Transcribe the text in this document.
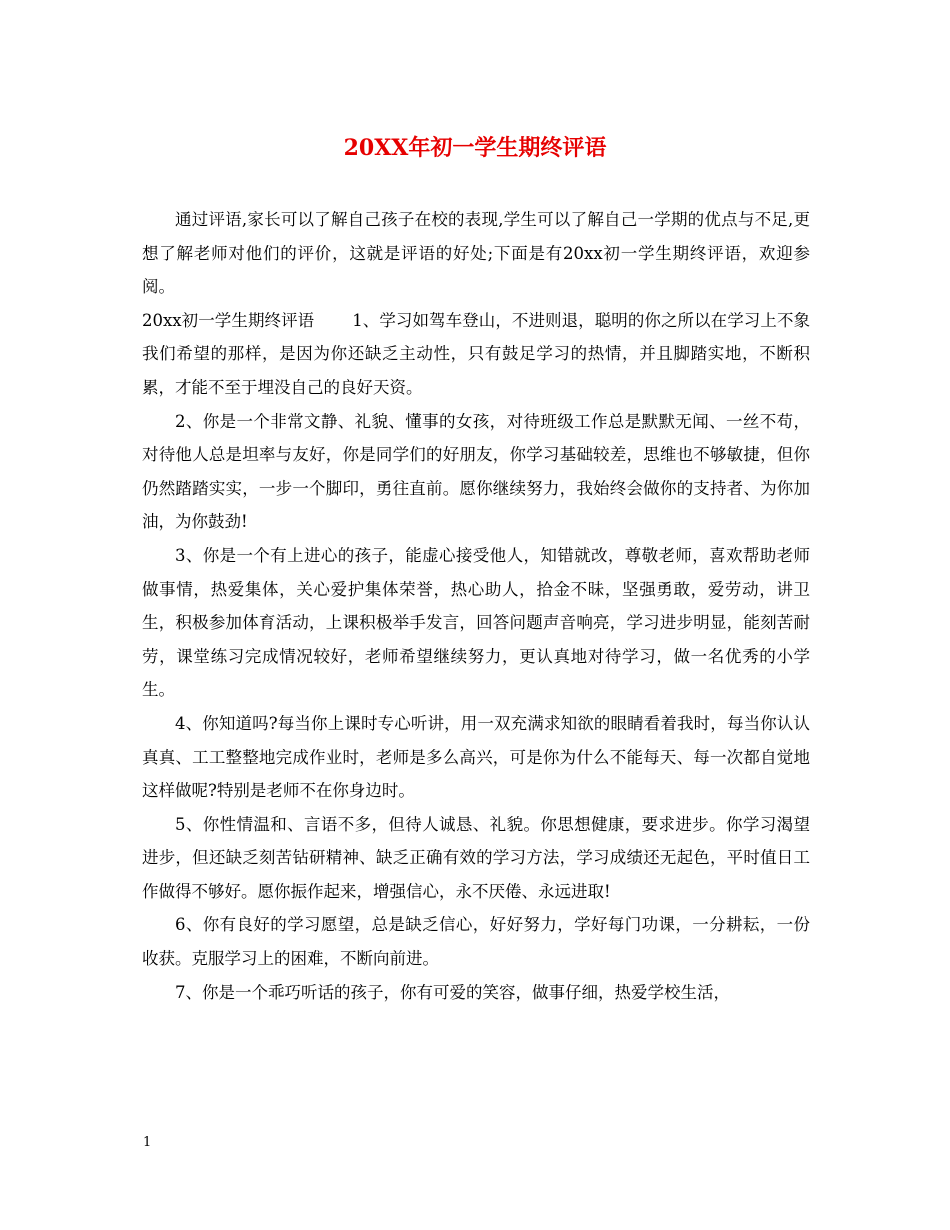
20XX年初一学生期终评语

通过评语,家长可以了解自己孩子在校的表现,学生可以了解自己一学期的优点与不足,更想了解老师对他们的评价，这就是评语的好处;下面是有20xx初一学生期终评语，欢迎参阅。

20xx初一学生期终评语 1、学习如驾车登山，不进则退，聪明的你之所以在学习上不象我们希望的那样，是因为你还缺乏主动性，只有鼓足学习的热情，并且脚踏实地，不断积累，才能不至于埋没自己的良好天资。

2、你是一个非常文静、礼貌、懂事的女孩，对待班级工作总是默默无闻、一丝不苟，对待他人总是坦率与友好，你是同学们的好朋友，你学习基础较差，思维也不够敏捷，但你仍然踏踏实实，一步一个脚印，勇往直前。愿你继续努力，我始终会做你的支持者、为你加油，为你鼓劲!

3、你是一个有上进心的孩子，能虚心接受他人，知错就改，尊敬老师，喜欢帮助老师做事情，热爱集体，关心爱护集体荣誉，热心助人，拾金不昧，坚强勇敢，爱劳动，讲卫生，积极参加体育活动，上课积极举手发言，回答问题声音响亮，学习进步明显，能刻苦耐劳，课堂练习完成情况较好，老师希望继续努力，更认真地对待学习，做一名优秀的小学生。

4、你知道吗?每当你上课时专心听讲，用一双充满求知欲的眼睛看着我时，每当你认认真真、工工整整地完成作业时，老师是多么高兴，可是你为什么不能每天、每一次都自觉地这样做呢?特别是老师不在你身边时。

5、你性情温和、言语不多，但待人诚恳、礼貌。你思想健康，要求进步。你学习渴望进步，但还缺乏刻苦钻研精神、缺乏正确有效的学习方法，学习成绩还无起色，平时值日工作做得不够好。愿你振作起来，增强信心，永不厌倦、永远进取!

6、你有良好的学习愿望，总是缺乏信心，好好努力，学好每门功课，一分耕耘，一份收获。克服学习上的困难，不断向前进。

7、你是一个乖巧听话的孩子，你有可爱的笑容，做事仔细，热爱学校生活，

1
